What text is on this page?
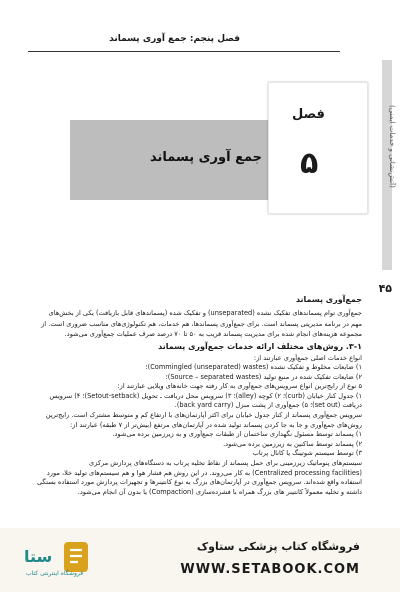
فصل پنجم: جمع آوری پسماند
(آتش‌نشانی و خدمات ایمنی)
۴۵
فصل
۵
جمع آوری پسماند
جمع‌آوری پسماند
جمع‌آوری توام پسماندهای تفکیک نشده (unseparated) و تفکیک شده (پسماندهای قابل بازیافت) یکی از بخش‌های
مهم در برنامه مدیریتی پسماند است. برای جمع‌آوری پسماندها، هم خدمات، هم تکنولوژی‌های مناسب ضروری است. از
مجموعه هزینه‌های انجام شده برای مدیریت پسماند قریب به ۵۰ تا ۷۰ درصد صرف عملیات جمع‌آوری می‌شود.
۳-۱. روش‌های مختلف ارائه خدمات جمع‌آوری پسماند
انواع خدمات اصلی جمع‌آوری عبارتند از:
۱) ضایعات مخلوط و تفکیک نشده (Commingled (unseparated) wastes)؛
۲) ضایعات تفکیک شده در منبع تولید (Source – separated wastes)؛
۵ نوع از رایج‌ترین انواع سرویس‌های جمع‌آوری به کار رفته جهت خانه‌های ویلایی عبارتند از:
۱) جدول کنار خیابان (curb)؛ ۲) کوچه (alley)؛ ۳) سرویس محل دریافت ـ تحویل (Setout-setback)؛ ۴) سرویس
دریافت (set out)؛ ۵) جمع‌آوری از پشت منزل (back yard carry).
سرویس جمع‌آوری پسماند از کنار جدول خیابان برای اکثر آپارتمان‌های با ارتفاع کم و متوسط مشترک است. رایج‌ترین
روش‌های جمع‌آوری و جا به جا کردن پسماند تولید شده در آپارتمان‌های مرتفع (بیش‌تر از ۷ طبقه) عبارتند از:
۱) پسماند توسط مسئول نگهداری ساختمان از طبقات جمع‌آوری و به زیرزمین برده می‌شود.
۲) پسماند توسط ساکنین به زیرزمین برده می‌شود.
۳) توسط سیستم شوتینگ یا کانال پرتاب
سیستم‌های پنوماتیک زیرزمینی برای حمل پسماند از نقاط تخلیه پرتاب به دستگاه‌های پردازش مرکزی
(Centralized processing facilities) به کار می‌روند. در این روش هم فشار هوا و هم سیستم‌های تولید خلا، مورد
استفاده واقع شده‌اند. سرویس جمع‌آوری در آپارتمان‌های بزرگ به نوع کانتینرها و تجهیزات پردازش مورد استفاده بستگی
داشته و تخلیه معمولاً کانتینر های بزرگ همراه با فشرده‌سازی (Compaction) یا بدون آن انجام می‌شود.
ستا
فروشگاه اینترنتی کتاب
فروشگاه کتاب پزشکی ستاوک
WWW.SETABOOK.COM
